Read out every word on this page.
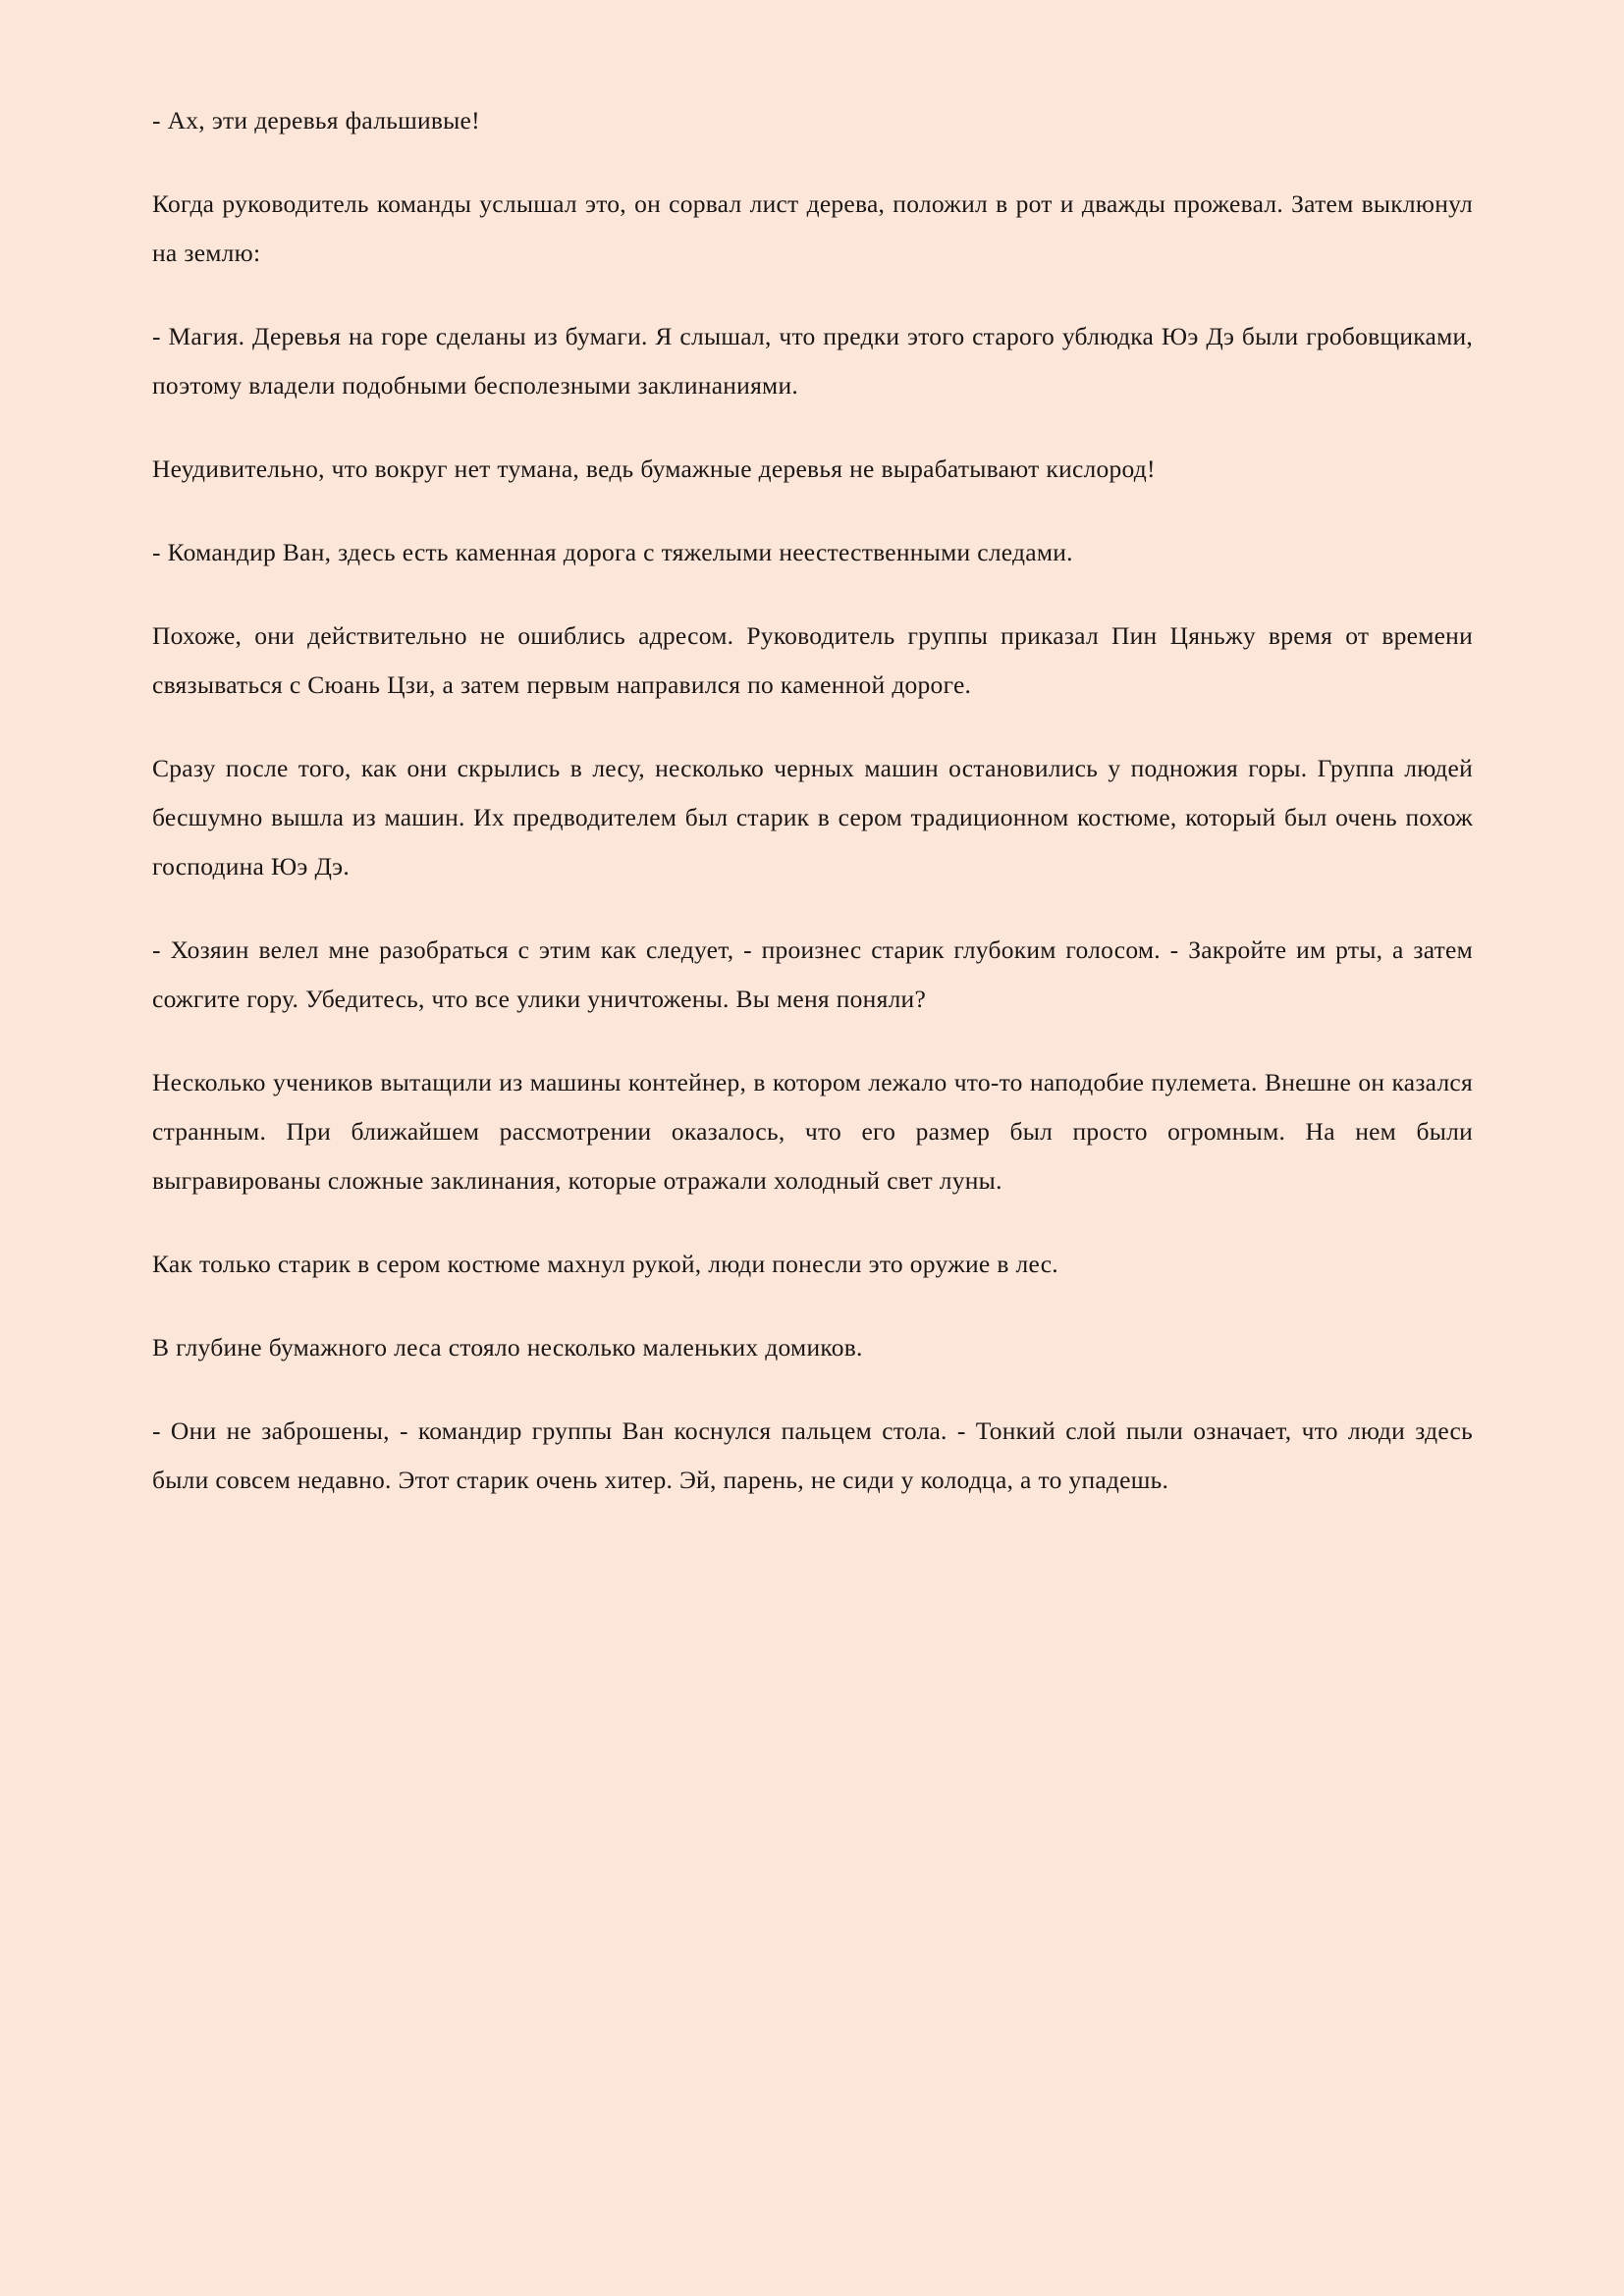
- Ах, эти деревья фальшивые!

Когда руководитель команды услышал это, он сорвал лист дерева, положил в рот и дважды прожевал. Затем выклюнул на землю:

- Магия. Деревья на горе сделаны из бумаги. Я слышал, что предки этого старого ублюдка Юэ Дэ были гробовщиками, поэтому владели подобными бесполезными заклинаниями.

Неудивительно, что вокруг нет тумана, ведь бумажные деревья не вырабатывают кислород!

- Командир Ван, здесь есть каменная дорога с тяжелыми неестественными следами.

Похоже, они действительно не ошиблись адресом. Руководитель группы приказал Пин Цяньжу время от времени связываться с Сюань Цзи, а затем первым направился по каменной дороге.

Сразу после того, как они скрылись в лесу, несколько черных машин остановились у подножия горы. Группа людей бесшумно вышла из машин. Их предводителем был старик в сером традиционном костюме, который был очень похож господина Юэ Дэ.

- Хозяин велел мне разобраться с этим как следует, - произнес старик глубоким голосом. - Закройте им рты, а затем сожгите гору. Убедитесь, что все улики уничтожены. Вы меня поняли?

Несколько учеников вытащили из машины контейнер, в котором лежало что-то наподобие пулемета. Внешне он казался странным. При ближайшем рассмотрении оказалось, что его размер был просто огромным. На нем были выгравированы сложные заклинания, которые отражали холодный свет луны.

Как только старик в сером костюме махнул рукой, люди понесли это оружие в лес.

В глубине бумажного леса стояло несколько маленьких домиков.

- Они не заброшены, - командир группы Ван коснулся пальцем стола. - Тонкий слой пыли означает, что люди здесь были совсем недавно. Этот старик очень хитер. Эй, парень, не сиди у колодца, а то упадешь.
